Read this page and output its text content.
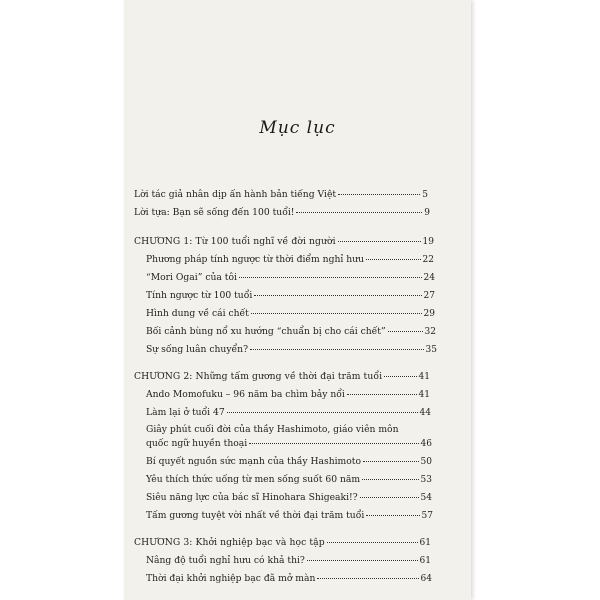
Mục lục
Lời tác giả nhân dịp ấn hành bản tiếng Việt	5
Lời tựa: Bạn sẽ sống đến 100 tuổi!	9
CHƯƠNG 1: Từ 100 tuổi nghĩ về đời người	19
Phương pháp tính ngược từ thời điểm nghỉ hưu	22
“Mori Ogai” của tôi	24
Tính ngược từ 100 tuổi	27
Hình dung về cái chết	29
Bối cảnh bùng nổ xu hướng “chuẩn bị cho cái chết”	32
Sự sống luân chuyển?	35
CHƯƠNG 2: Những tấm gương về thời đại trăm tuổi	41
Ando Momofuku – 96 năm ba chìm bảy nổi	41
Làm lại ở tuổi 47	44
Giây phút cuối đời của thầy Hashimoto, giáo viên môn
quốc ngữ huyền thoại	46
Bí quyết nguồn sức mạnh của thầy Hashimoto	50
Yêu thích thức uống từ men sống suốt 60 năm	53
Siêu năng lực của bác sĩ Hinohara Shigeaki!?	54
Tấm gương tuyệt vời nhất về thời đại trăm tuổi	57
CHƯƠNG 3: Khởi nghiệp bạc và học tập	61
Nâng độ tuổi nghỉ hưu có khả thi?	61
Thời đại khởi nghiệp bạc đã mở màn	64
